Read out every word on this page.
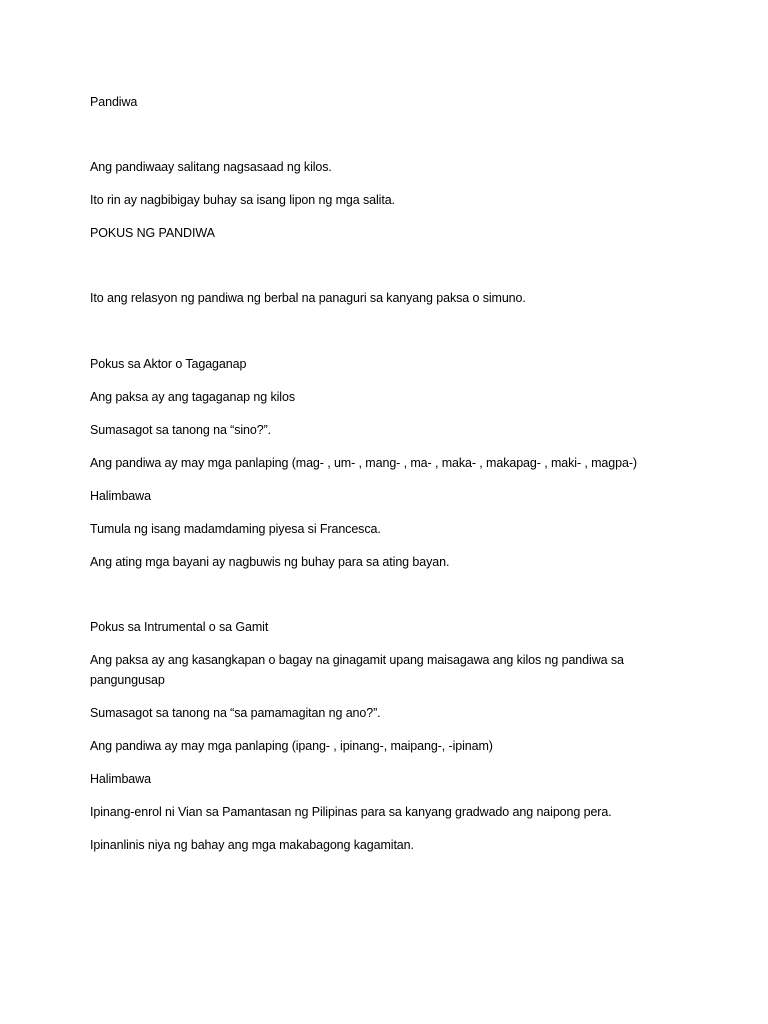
Pandiwa
Ang pandiwaay salitang nagsasaad ng kilos.
Ito rin ay nagbibigay buhay sa isang lipon ng mga salita.
POKUS NG PANDIWA
Ito ang relasyon ng pandiwa ng berbal na panaguri sa kanyang paksa o simuno.
Pokus sa Aktor o Tagaganap
Ang paksa ay ang tagaganap ng kilos
Sumasagot sa tanong na “sino?”.
Ang pandiwa ay may mga panlaping (mag- , um- , mang- , ma- , maka- , makapag- , maki- , magpa-)
Halimbawa
Tumula ng isang madamdaming piyesa si Francesca.
Ang ating mga bayani ay nagbuwis ng buhay para sa ating bayan.
Pokus sa Intrumental o sa Gamit
Ang paksa ay ang kasangkapan o bagay na ginagamit upang maisagawa ang kilos ng pandiwa sa pangungusap
Sumasagot sa tanong na “sa pamamagitan ng ano?”.
Ang pandiwa ay may mga panlaping (ipang- , ipinang-, maipang-, -ipinam)
Halimbawa
Ipinang-enrol ni Vian sa Pamantasan ng Pilipinas para sa kanyang gradwado ang naipong pera.
Ipinanlinis niya ng bahay ang mga makabagong kagamitan.
